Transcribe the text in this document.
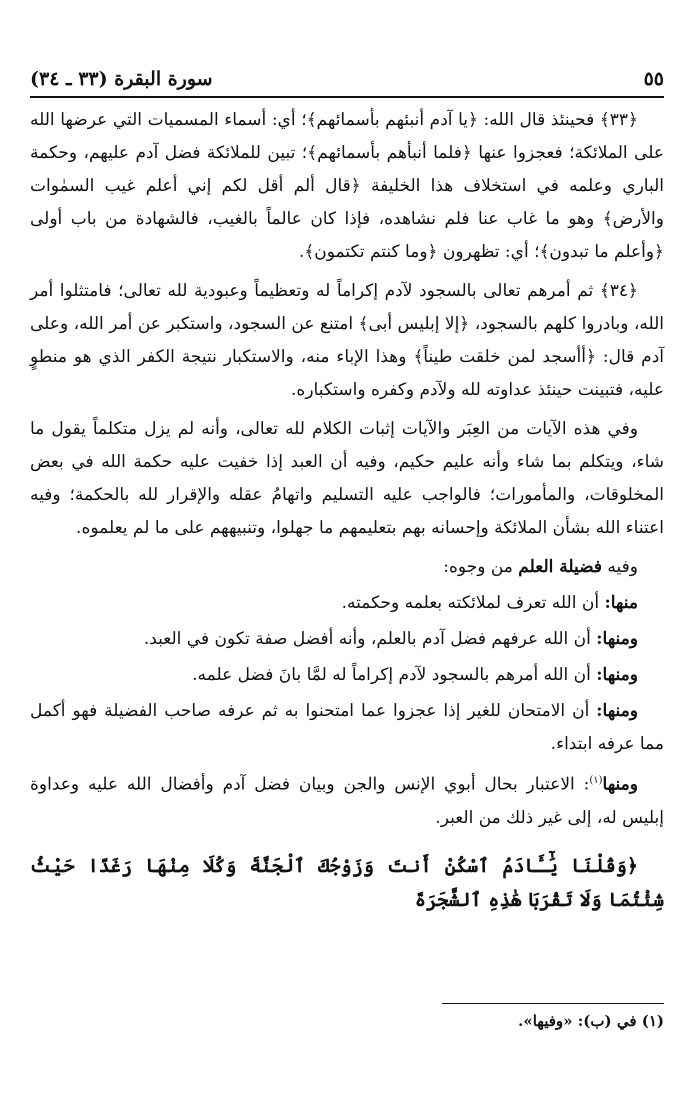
سورة البقرة (٣٣ ـ ٣٤)	٥٥

﴿٣٣﴾ فحينئذ قال الله: ﴿يا آدم أنبئهم بأسمائهم﴾؛ أي: أسماء المسميات التي عرضها الله على الملائكة؛ فعجزوا عنها ﴿فلما أنبأهم بأسمائهم﴾؛ تبين للملائكة فضل آدم عليهم، وحكمة الباري وعلمه في استخلاف هذا الخليفة ﴿قال ألم أقل لكم إني أعلم غيب السمٰوات والأرض﴾ وهو ما غاب عنا فلم نشاهده، فإذا كان عالماً بالغيب، فالشهادة من باب أولى ﴿وأعلم ما تبدون﴾؛ أي: تظهرون ﴿وما كنتم تكتمون﴾.

﴿٣٤﴾ ثم أمرهم تعالى بالسجود لآدم إكراماً له وتعظيماً وعبودية لله تعالى؛ فامتثلوا أمر الله، وبادروا كلهم بالسجود، ﴿إلا إبليس أبى﴾ امتنع عن السجود، واستكبر عن أمر الله، وعلى آدم قال: ﴿أأسجد لمن خلقت طيناً﴾ وهذا الإباء منه، والاستكبار نتيجة الكفر الذي هو منطوٍ عليه، فتبينت حينئذ عداوته لله ولآدم وكفره واستكباره.

وفي هذه الآيات من العِبَر والآيات إثبات الكلام لله تعالى، وأنه لم يزل متكلماً يقول ما شاء، ويتكلم بما شاء وأنه عليم حكيم، وفيه أن العبد إذا خفيت عليه حكمة الله في بعض المخلوقات، والمأمورات؛ فالواجب عليه التسليم واتهامُ عقله والإقرار لله بالحكمة؛ وفيه اعتناء الله بشأن الملائكة وإحسانه بهم بتعليمهم ما جهلوا، وتنبيههم على ما لم يعلموه.

وفيه فضيلة العلم من وجوه:

منها: أن الله تعرف لملائكته بعلمه وحكمته.

ومنها: أن الله عرفهم فضل آدم بالعلم، وأنه أفضل صفة تكون في العبد.

ومنها: أن الله أمرهم بالسجود لآدم إكراماً له لمَّا بانَ فضل علمه.

ومنها: أن الامتحان للغير إذا عجزوا عما امتحنوا به ثم عرفه صاحب الفضيلة فهو أكمل مما عرفه ابتداء.

ومنها$^{(١)}$: الاعتبار بحال أبوي الإنس والجن وبيان فضل آدم وأفضال الله عليه وعداوة إبليس له، إلى غير ذلك من العبر.

﴿وَقُلْنَا يَٰٓـَٔادَمُ ٱسْكُنْ أَنتَ وَزَوْجُكَ ٱلْجَنَّةَ وَكُلَا مِنْهَا رَغَدًا حَيْثُ شِئْتُمَا وَلَا تَقْرَبَا هَٰذِهِ ٱلشَّجَرَةَ

(١) في (ب): «وفيها».
